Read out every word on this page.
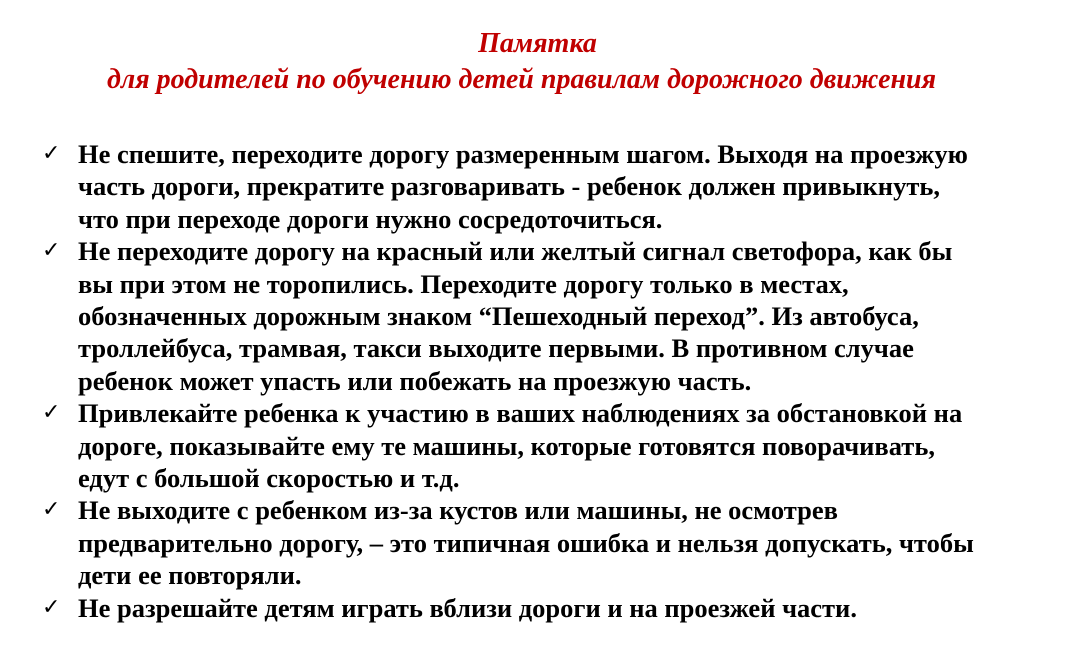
Памятка
для родителей по обучению детей правилам дорожного движения
✓ Не спешите, переходите дорогу размеренным шагом. Выходя на проезжую
часть дороги, прекратите разговаривать - ребенок должен привыкнуть,
что при переходе дороги нужно сосредоточиться.
✓ Не переходите дорогу на красный или желтый сигнал светофора, как бы
вы при этом не торопились. Переходите дорогу только в местах,
обозначенных дорожным знаком “Пешеходный переход”. Из автобуса,
троллейбуса, трамвая, такси выходите первыми. В противном случае
ребенок может упасть или побежать на проезжую часть.
✓ Привлекайте ребенка к участию в ваших наблюдениях за обстановкой на
дороге, показывайте ему те машины, которые готовятся поворачивать,
едут с большой скоростью и т.д.
✓ Не выходите с ребенком из-за кустов или машины, не осмотрев
предварительно дорогу, – это типичная ошибка и нельзя допускать, чтобы
дети ее повторяли.
✓ Не разрешайте детям играть вблизи дороги и на проезжей части.
